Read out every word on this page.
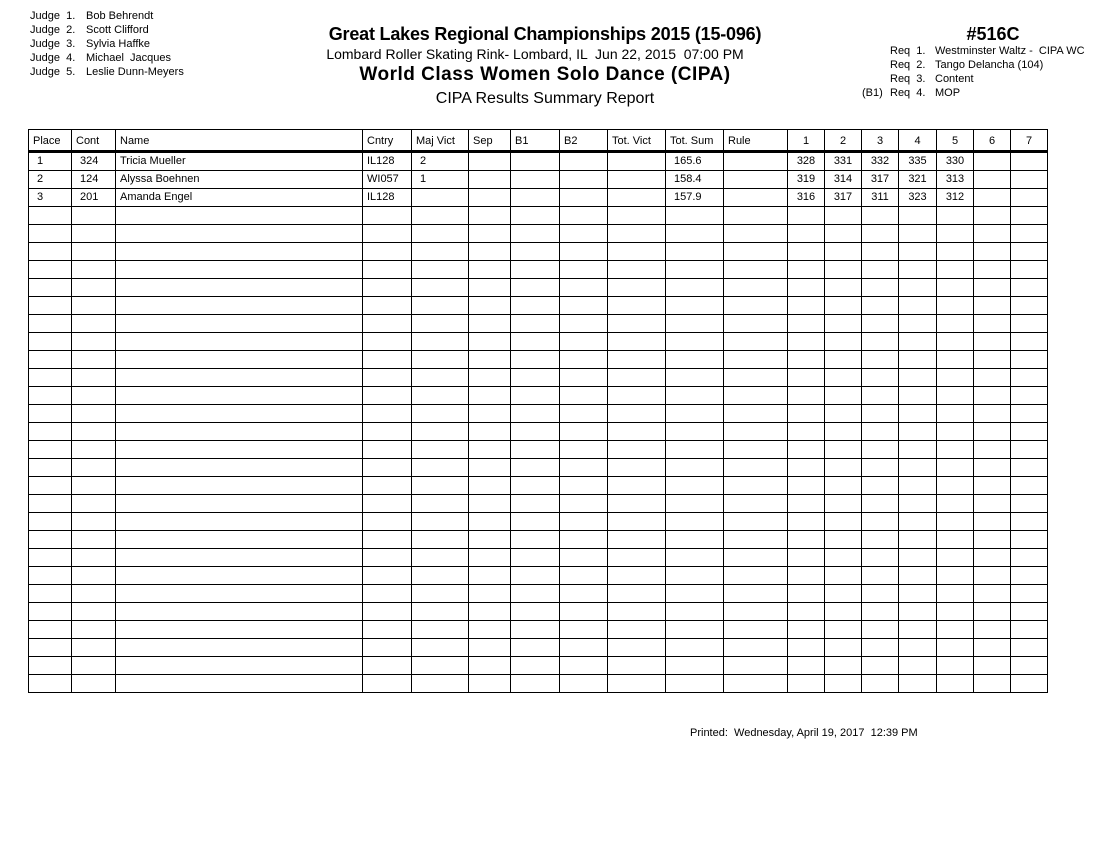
Judge  1. Bob Behrendt
Judge  2. Scott Clifford
Judge  3. Sylvia Haffke
Judge  4. Michael  Jacques
Judge  5. Leslie Dunn-Meyers
Great Lakes Regional Championships 2015 (15-096)
Lombard Roller Skating Rink- Lombard, IL  Jun 22, 2015  07:00 PM
World Class Women Solo Dance (CIPA)
CIPA Results Summary Report
#516C
Req  1. Westminster Waltz -  CIPA WC
Req  2. Tango Delancha (104)
Req  3. Content
(B1) Req  4. MOP
Place	Cont	Name	Cntry	Maj Vict	Sep	B1	B2	Tot. Vict	Tot. Sum	Rule	1	2	3	4	5	6	7
1	324	Tricia Mueller	IL128	2					165.6		328	331	332	335	330		
2	124	Alyssa Boehnen	WI057	1					158.4		319	314	317	321	313		
3	201	Amanda Engel	IL128						157.9		316	317	311	323	312		

Printed:  Wednesday, April 19, 2017  12:39 PM
